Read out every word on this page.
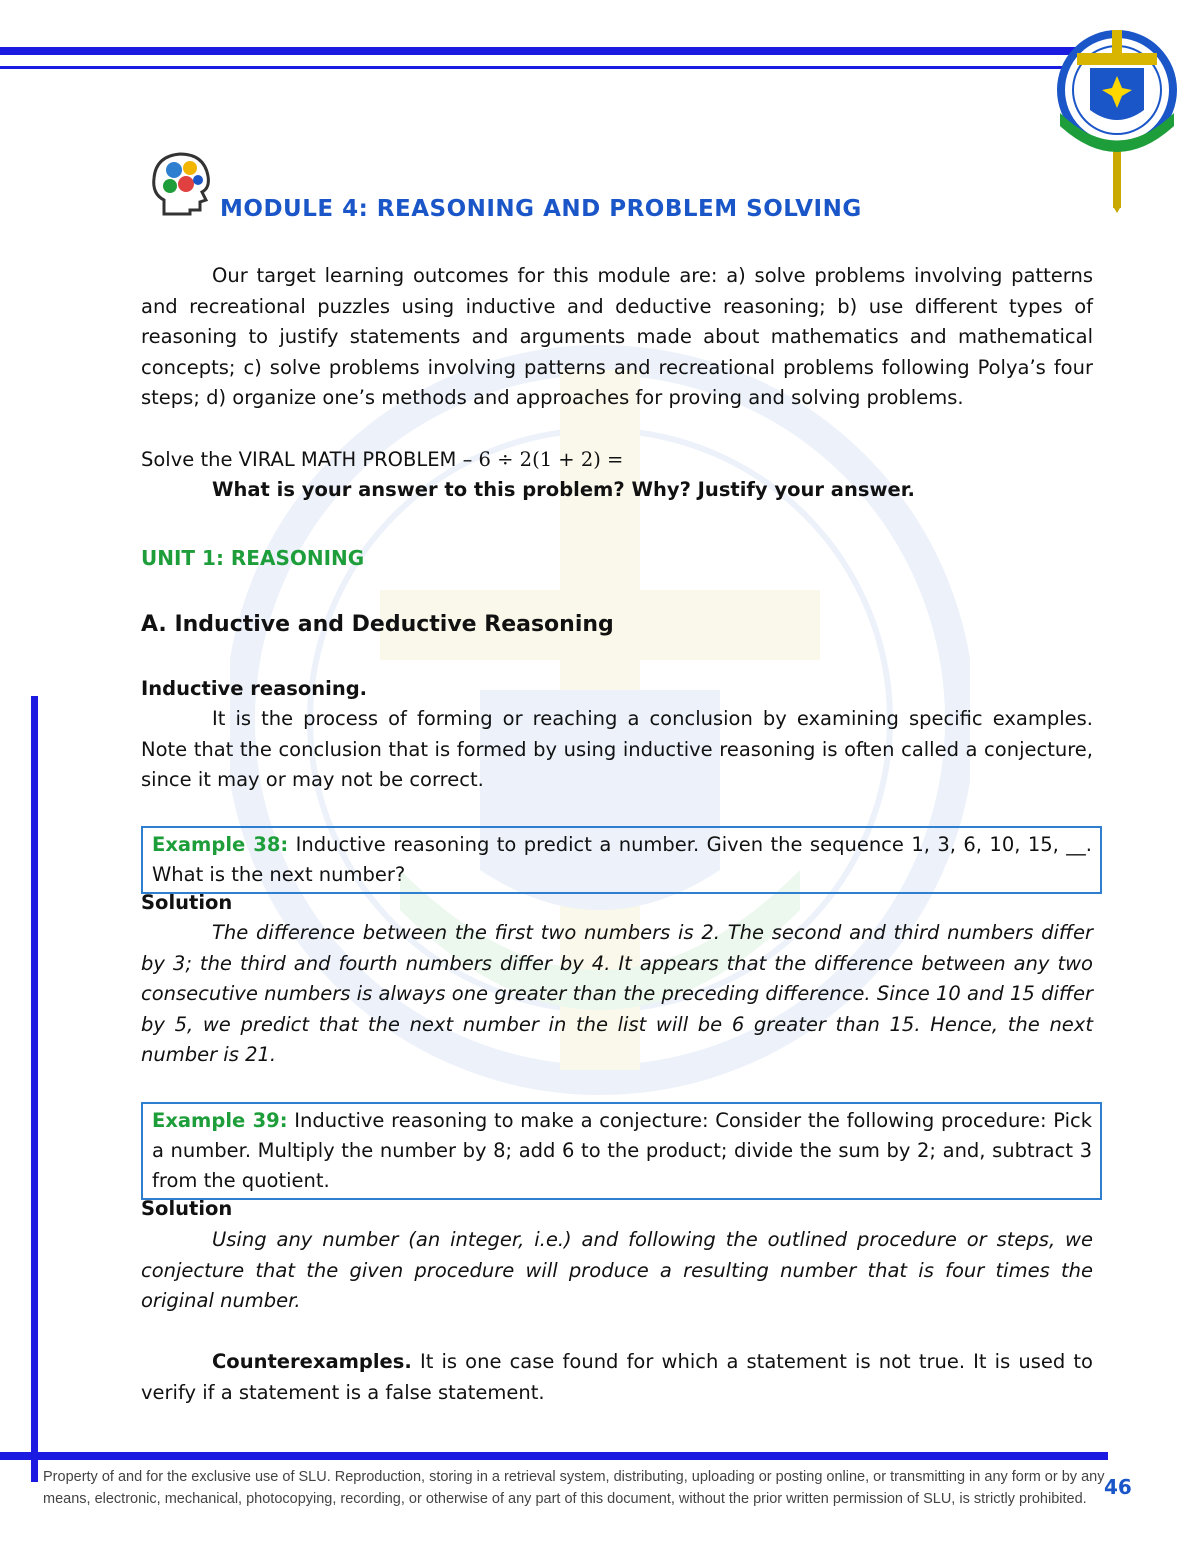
MODULE 4: REASONING AND PROBLEM SOLVING

Our target learning outcomes for this module are: a) solve problems involving patterns and recreational puzzles using inductive and deductive reasoning; b) use different types of reasoning to justify statements and arguments made about mathematics and mathematical concepts; c) solve problems involving patterns and recreational problems following Polya’s four steps; d) organize one’s methods and approaches for proving and solving problems.

Solve the VIRAL MATH PROBLEM – 6 ÷ 2(1 + 2) =
What is your answer to this problem? Why? Justify your answer.
UNIT 1: REASONING
A. Inductive and Deductive Reasoning
Inductive reasoning.

It is the process of forming or reaching a conclusion by examining specific examples. Note that the conclusion that is formed by using inductive reasoning is often called a conjecture, since it may or may not be correct.

Example 38: Inductive reasoning to predict a number. Given the sequence 1, 3, 6, 10, 15, __. What is the next number?
Solution

The difference between the first two numbers is 2. The second and third numbers differ by 3; the third and fourth numbers differ by 4. It appears that the difference between any two consecutive numbers is always one greater than the preceding difference. Since 10 and 15 differ by 5, we predict that the next number in the list will be 6 greater than 15. Hence, the next number is 21.

Example 39: Inductive reasoning to make a conjecture: Consider the following procedure: Pick a number. Multiply the number by 8; add 6 to the product; divide the sum by 2; and, subtract 3 from the quotient.
Solution

Using any number (an integer, i.e.) and following the outlined procedure or steps, we conjecture that the given procedure will produce a resulting number that is four times the original number.

Counterexamples. It is one case found for which a statement is not true. It is used to verify if a statement is a false statement.

Property of and for the exclusive use of SLU. Reproduction, storing in a retrieval system, distributing, uploading or posting online, or transmitting in any form or by any means, electronic, mechanical, photocopying, recording, or otherwise of any part of this document, without the prior written permission of SLU, is strictly prohibited. 46
